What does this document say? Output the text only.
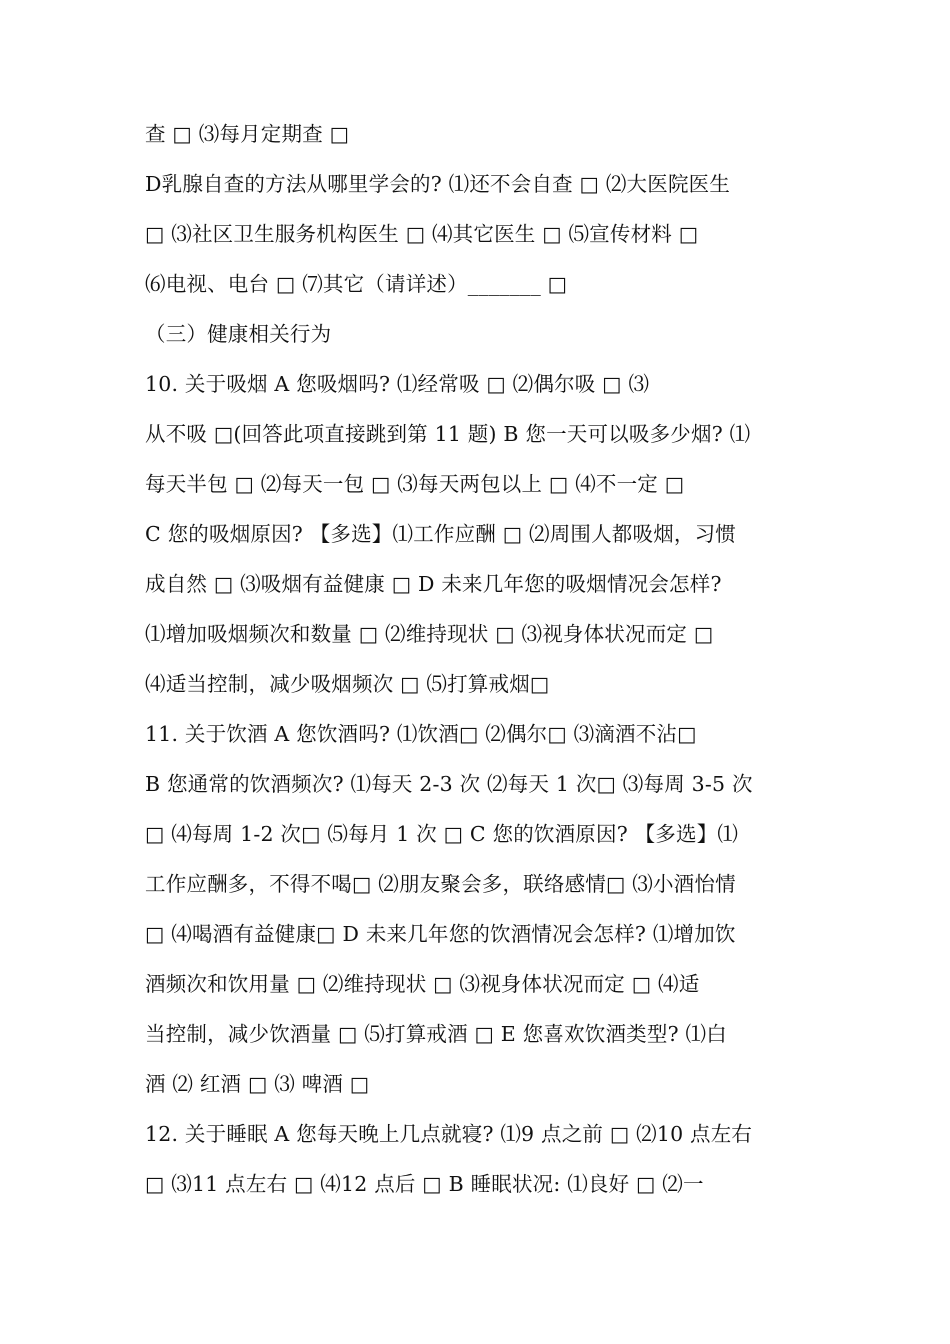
查 □ ⑶每月定期查 □
D乳腺自查的方法从哪里学会的? ⑴还不会自查 □ ⑵大医院医生
□ ⑶社区卫生服务机构医生 □ ⑷其它医生 □ ⑸宣传材料 □
⑹电视、电台 □ ⑺其它（请详述）_______ □
（三）健康相关行为
10. 关于吸烟 A 您吸烟吗? ⑴经常吸 □ ⑵偶尔吸 □ ⑶
从不吸 □(回答此项直接跳到第 11 题) B 您一天可以吸多少烟? ⑴
每天半包 □ ⑵每天一包 □ ⑶每天两包以上 □ ⑷不一定 □
C 您的吸烟原因? 【多选】⑴工作应酬 □ ⑵周围人都吸烟，习惯
成自然 □ ⑶吸烟有益健康 □ D 未来几年您的吸烟情况会怎样?
⑴增加吸烟频次和数量 □ ⑵维持现状 □ ⑶视身体状况而定 □
⑷适当控制，减少吸烟频次 □ ⑸打算戒烟□
11. 关于饮酒 A 您饮酒吗? ⑴饮酒□ ⑵偶尔□ ⑶滴酒不沾□
B 您通常的饮酒频次? ⑴每天 2-3 次 ⑵每天 1 次□ ⑶每周 3-5 次
□ ⑷每周 1-2 次□ ⑸每月 1 次 □ C 您的饮酒原因? 【多选】⑴
工作应酬多，不得不喝□ ⑵朋友聚会多，联络感情□ ⑶小酒怡情
□ ⑷喝酒有益健康□ D 未来几年您的饮酒情况会怎样? ⑴增加饮
酒频次和饮用量 □ ⑵维持现状 □ ⑶视身体状况而定 □ ⑷适
当控制，减少饮酒量 □ ⑸打算戒酒 □ E 您喜欢饮酒类型? ⑴白
酒 ⑵ 红酒 □ ⑶ 啤酒 □
12. 关于睡眠 A 您每天晚上几点就寝? ⑴9 点之前 □ ⑵10 点左右
□ ⑶11 点左右 □ ⑷12 点后 □ B 睡眠状况: ⑴良好 □ ⑵一
